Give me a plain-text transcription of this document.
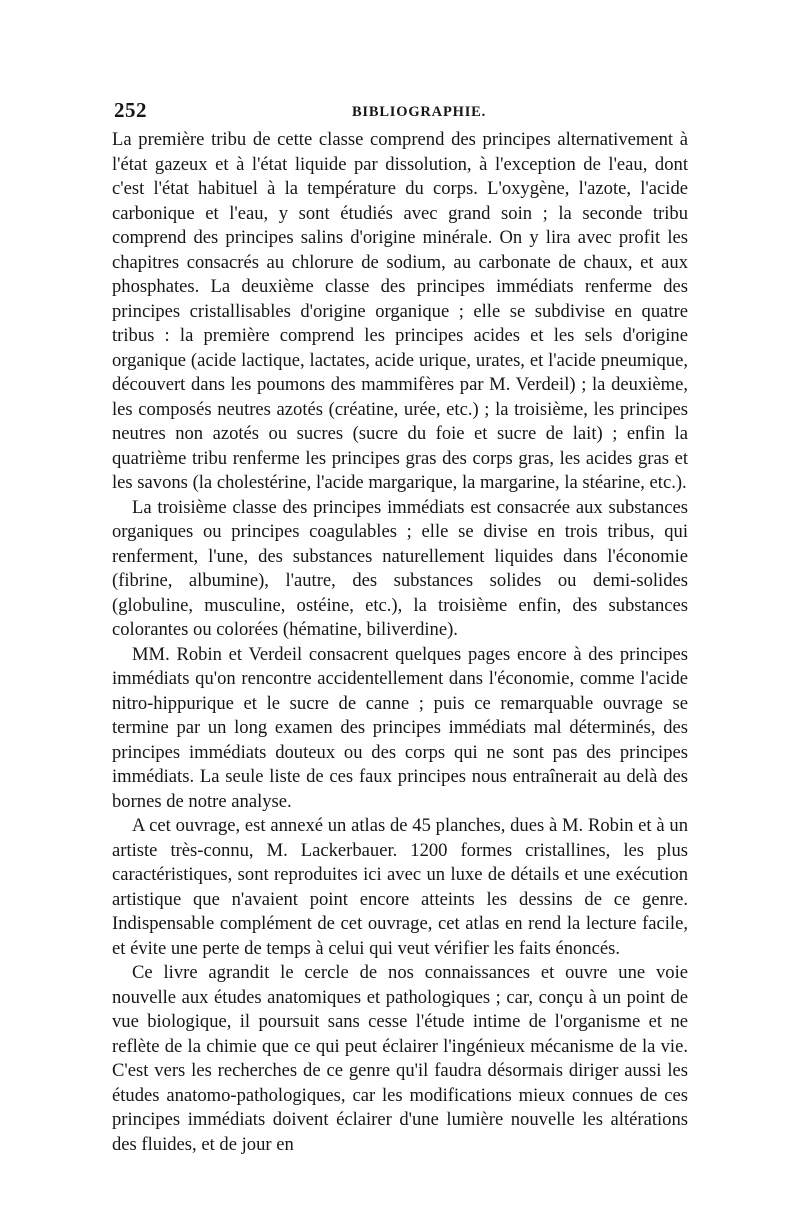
252	BIBLIOGRAPHIE.

La première tribu de cette classe comprend des principes alternativement à l'état gazeux et à l'état liquide par dissolution, à l'exception de l'eau, dont c'est l'état habituel à la température du corps. L'oxygène, l'azote, l'acide carbonique et l'eau, y sont étudiés avec grand soin ; la seconde tribu comprend des principes salins d'origine minérale. On y lira avec profit les chapitres consacrés au chlorure de sodium, au carbonate de chaux, et aux phosphates. La deuxième classe des principes immédiats renferme des principes cristallisables d'origine organique ; elle se subdivise en quatre tribus : la première comprend les principes acides et les sels d'origine organique (acide lactique, lactates, acide urique, urates, et l'acide pneumique, découvert dans les poumons des mammifères par M. Verdeil) ; la deuxième, les composés neutres azotés (créatine, urée, etc.) ; la troisième, les principes neutres non azotés ou sucres (sucre du foie et sucre de lait) ; enfin la quatrième tribu renferme les principes gras des corps gras, les acides gras et les savons (la cholestérine, l'acide margarique, la margarine, la stéarine, etc.).

La troisième classe des principes immédiats est consacrée aux substances organiques ou principes coagulables ; elle se divise en trois tribus, qui renferment, l'une, des substances naturellement liquides dans l'économie (fibrine, albumine), l'autre, des substances solides ou demi-solides (globuline, musculine, ostéine, etc.), la troisième enfin, des substances colorantes ou colorées (hématine, biliverdine).

MM. Robin et Verdeil consacrent quelques pages encore à des principes immédiats qu'on rencontre accidentellement dans l'économie, comme l'acide nitro-hippurique et le sucre de canne ; puis ce remarquable ouvrage se termine par un long examen des principes immédiats mal déterminés, des principes immédiats douteux ou des corps qui ne sont pas des principes immédiats. La seule liste de ces faux principes nous entraînerait au delà des bornes de notre analyse.

A cet ouvrage, est annexé un atlas de 45 planches, dues à M. Robin et à un artiste très-connu, M. Lackerbauer. 1200 formes cristallines, les plus caractéristiques, sont reproduites ici avec un luxe de détails et une exécution artistique que n'avaient point encore atteints les dessins de ce genre. Indispensable complément de cet ouvrage, cet atlas en rend la lecture facile, et évite une perte de temps à celui qui veut vérifier les faits énoncés.

Ce livre agrandit le cercle de nos connaissances et ouvre une voie nouvelle aux études anatomiques et pathologiques ; car, conçu à un point de vue biologique, il poursuit sans cesse l'étude intime de l'organisme et ne reflète de la chimie que ce qui peut éclairer l'ingénieux mécanisme de la vie. C'est vers les recherches de ce genre qu'il faudra désormais diriger aussi les études anatomo-pathologiques, car les modifications mieux connues de ces principes immédiats doivent éclairer d'une lumière nouvelle les altérations des fluides, et de jour en
